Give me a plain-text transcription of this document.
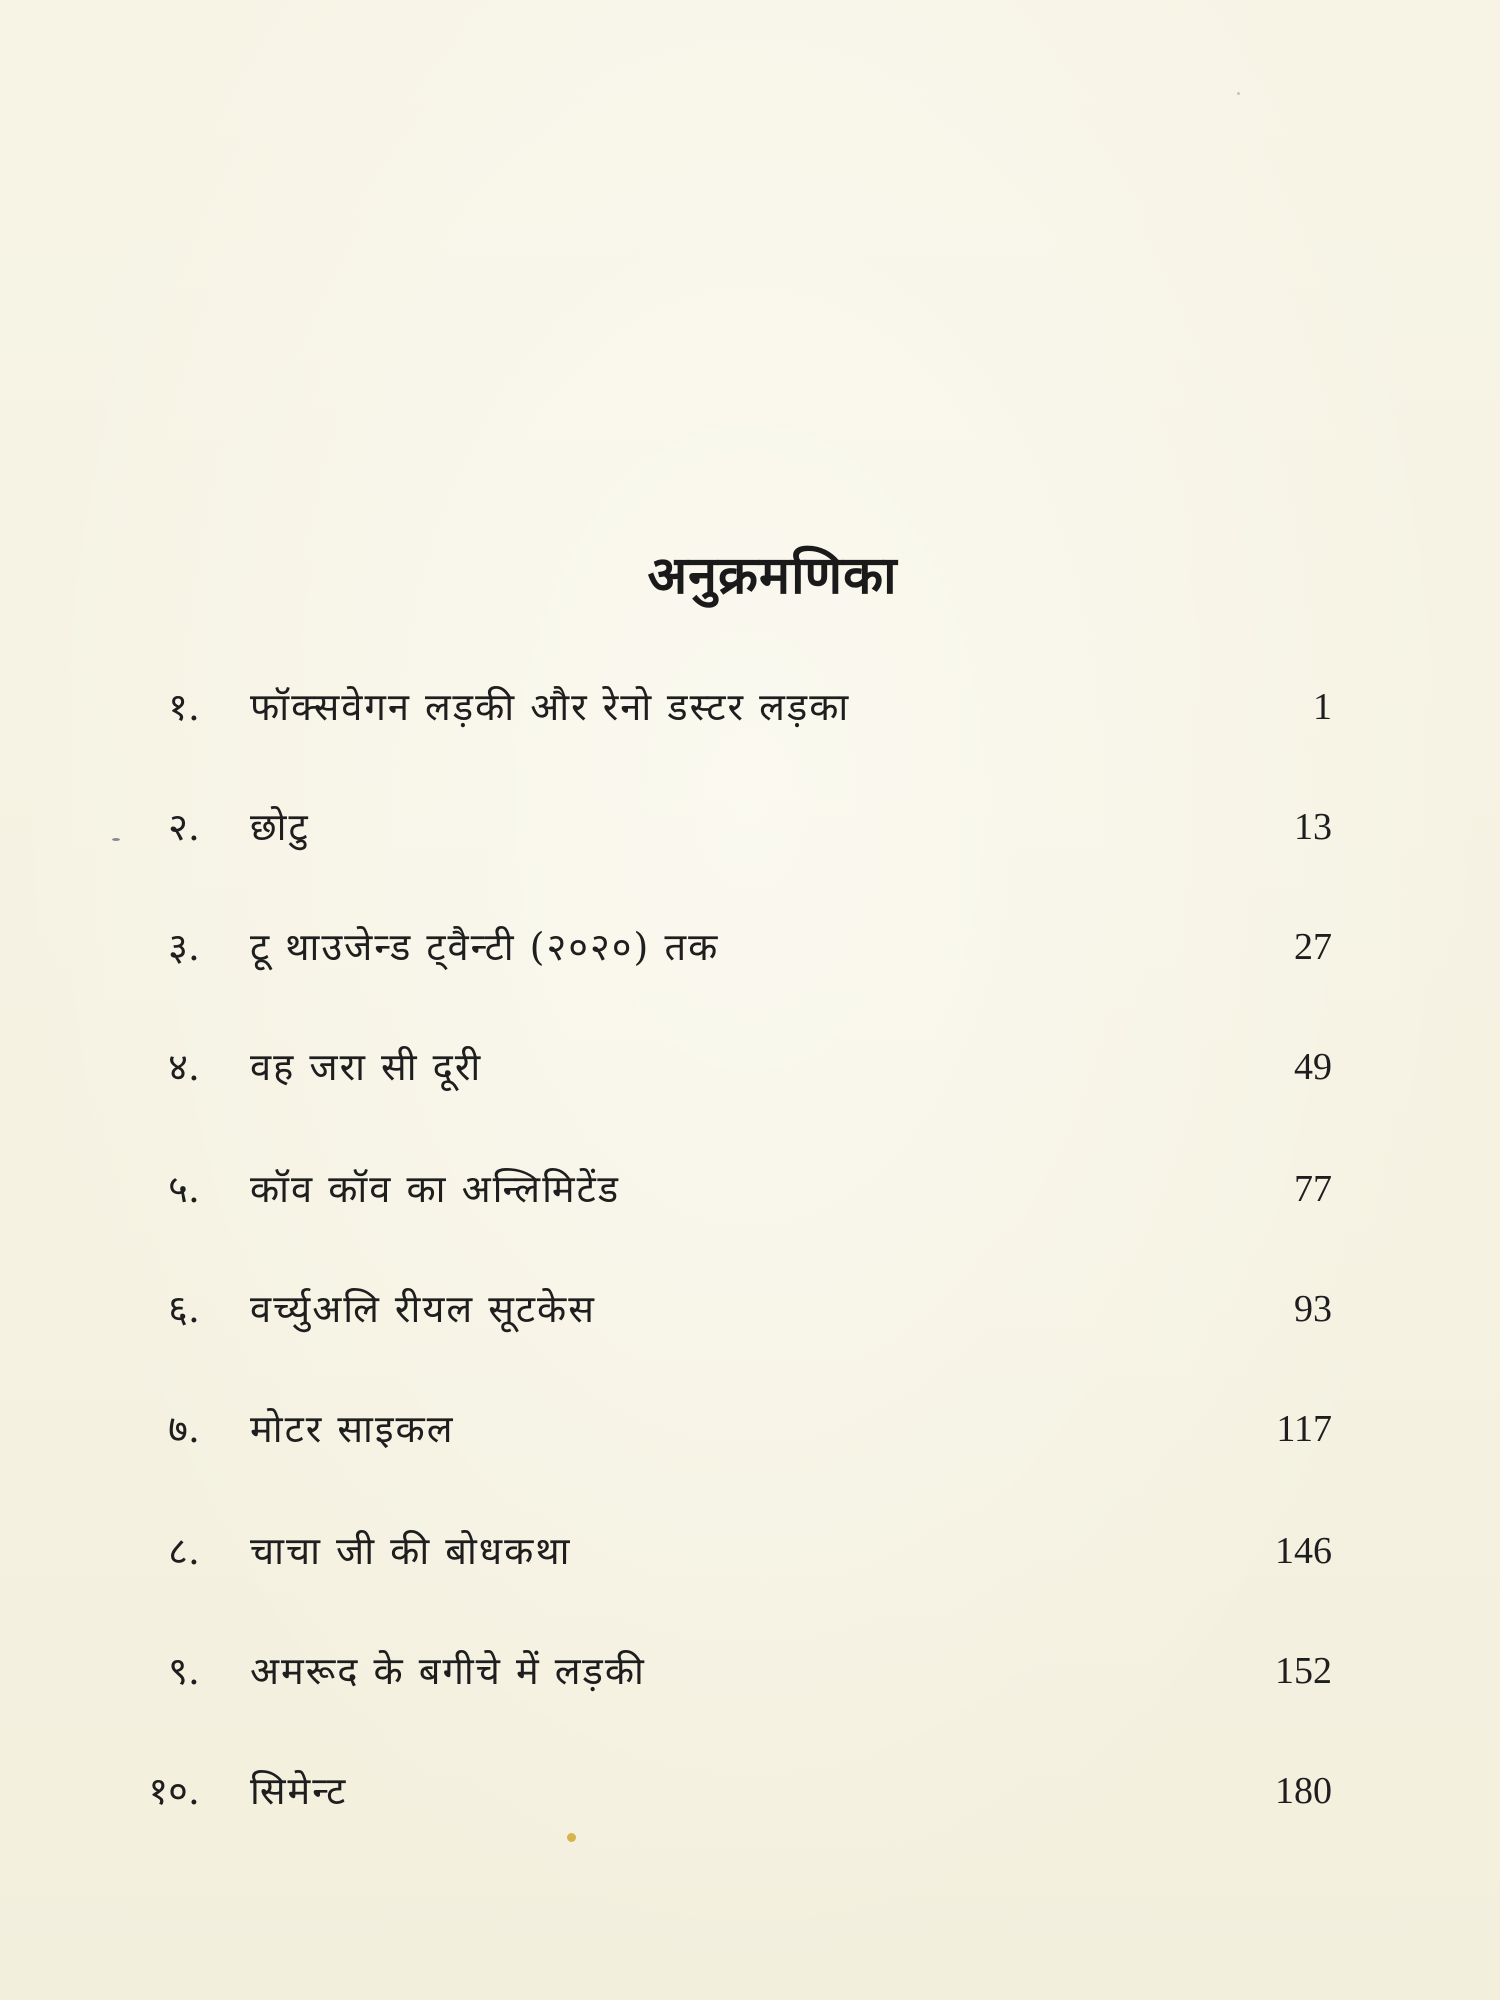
अनुक्रमणिका
१. फॉक्सवेगन लड़की और रेनो डस्टर लड़का	1
२. छोटु	13
३. टू थाउजेन्ड ट्वैन्टी (२०२०) तक	27
४. वह जरा सी दूरी	49
५. कॉव कॉव का अन्लिमिटेंड	77
६. वर्च्युअलि रीयल सूटकेस	93
७. मोटर साइकल	117
८. चाचा जी की बोधकथा	146
९. अमरूद के बगीचे में लड़की	152
१०. सिमेन्ट	180
